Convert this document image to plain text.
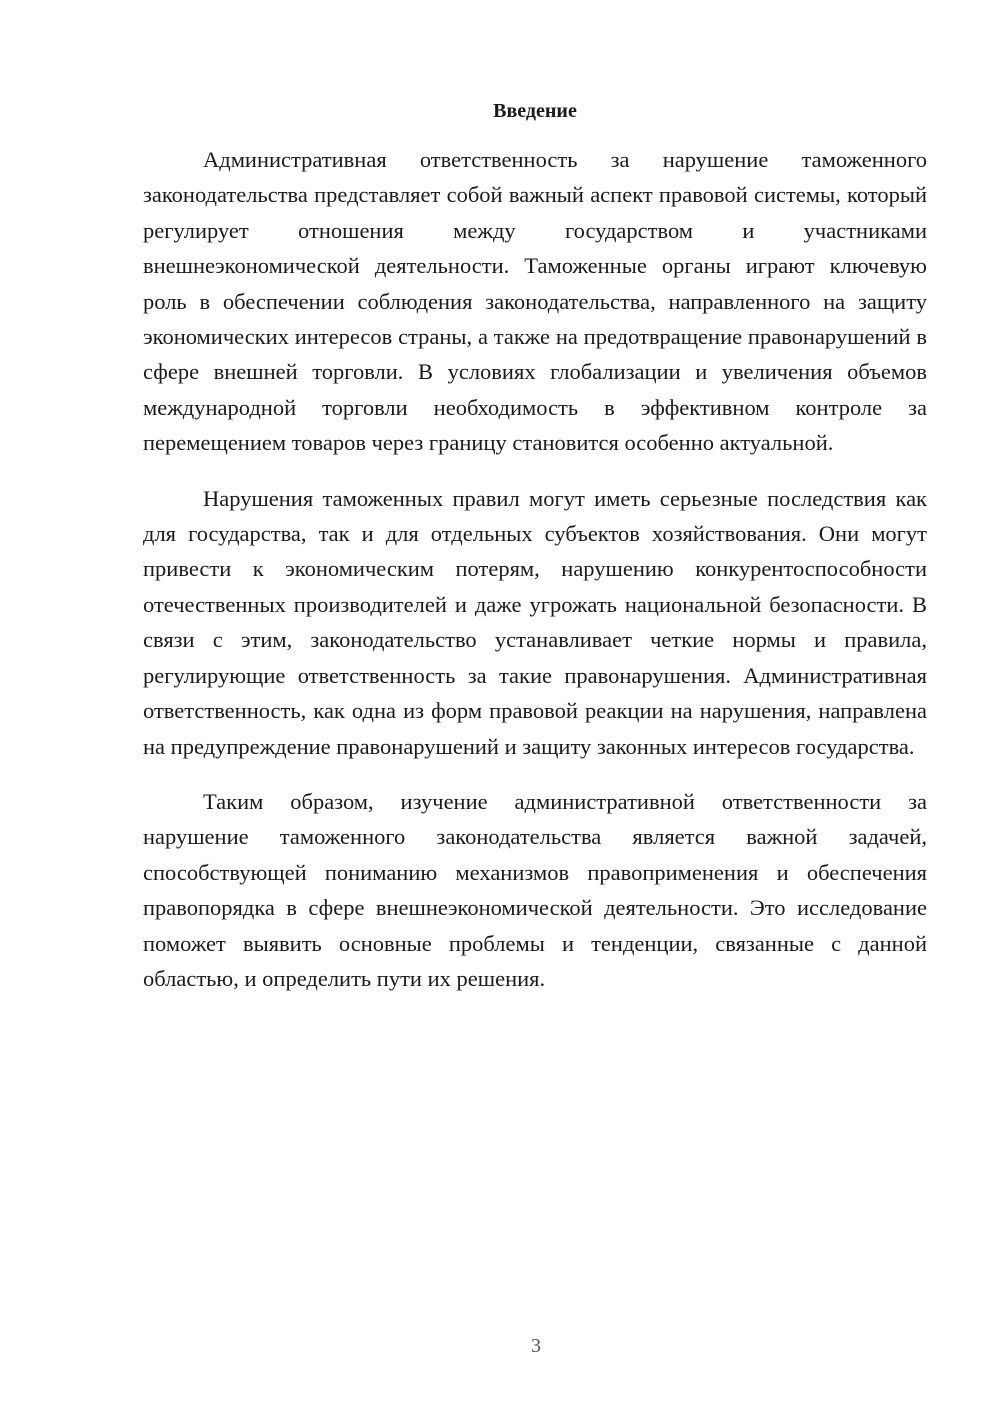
Введение

Административная ответственность за нарушение таможенного законодательства представляет собой важный аспект правовой системы, который регулирует отношения между государством и участниками внешнеэкономической деятельности. Таможенные органы играют ключевую роль в обеспечении соблюдения законодательства, направленного на защиту экономических интересов страны, а также на предотвращение правонарушений в сфере внешней торговли. В условиях глобализации и увеличения объемов международной торговли необходимость в эффективном контроле за перемещением товаров через границу становится особенно актуальной.

Нарушения таможенных правил могут иметь серьезные последствия как для государства, так и для отдельных субъектов хозяйствования. Они могут привести к экономическим потерям, нарушению конкурентоспособности отечественных производителей и даже угрожать национальной безопасности. В связи с этим, законодательство устанавливает четкие нормы и правила, регулирующие ответственность за такие правонарушения. Административная ответственность, как одна из форм правовой реакции на нарушения, направлена на предупреждение правонарушений и защиту законных интересов государства.

Таким образом, изучение административной ответственности за нарушение таможенного законодательства является важной задачей, способствующей пониманию механизмов правоприменения и обеспечения правопорядка в сфере внешнеэкономической деятельности. Это исследование поможет выявить основные проблемы и тенденции, связанные с данной областью, и определить пути их решения.

3
